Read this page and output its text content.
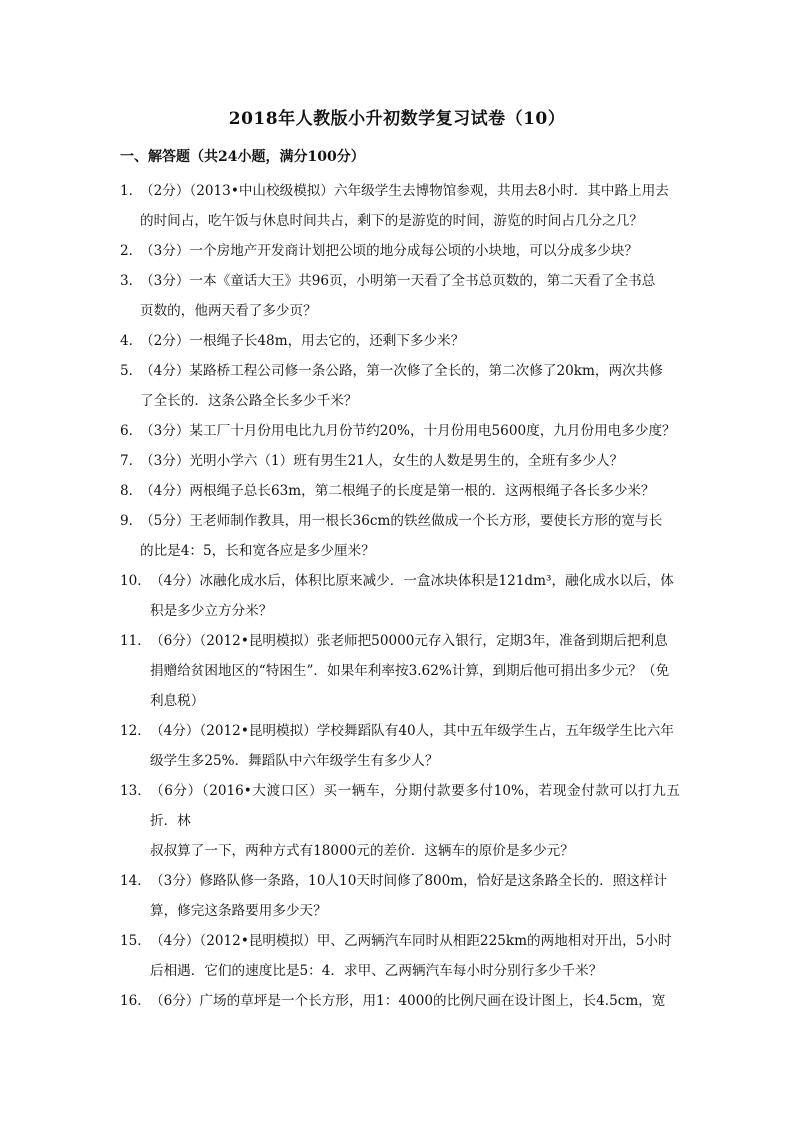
2018年人教版小升初数学复习试卷（10）
一、解答题（共24小题，满分100分）
1．
（2分）（2013•中山校级模拟）六年级学生去博物馆参观，共用去8小时．其中路上用去
的时间占，吃午饭与休息时间共占，剩下的是游览的时间，游览的时间占几分之几？
2．
（3分）一个房地产开发商计划把公顷的地分成每公顷的小块地，可以分成多少块？
3．
（3分）一本《童话大王》共96页，小明第一天看了全书总页数的，第二天看了全书总
页数的，他两天看了多少页？
4．
（2分）一根绳子长48m，用去它的，还剩下多少米？
5．
（4分）某路桥工程公司修一条公路，第一次修了全长的，第二次修了20km，两次共修
了全长的．这条公路全长多少千米？
6．
（3分）某工厂十月份用电比九月份节约20%，十月份用电5600度，九月份用电多少度？
7．
（3分）光明小学六（1）班有男生21人，女生的人数是男生的，全班有多少人？
8．
（4分）两根绳子总长63m，第二根绳子的长度是第一根的．这两根绳子各长多少米？
9．
（5分）王老师制作教具，用一根长36cm的铁丝做成一个长方形，要使长方形的宽与长
的比是4：5，长和宽各应是多少厘米？
10． （4分）冰融化成水后，体积比原来减少．一盒冰块体积是121dm³，融化成水以后，体
积是多少立方分米？
11． （6分）（2012•昆明模拟）张老师把50000元存入银行，定期3年，准备到期后把利息
捐赠给贫困地区的“特困生”．如果年利率按3.62%计算，到期后他可捐出多少元？（免
利息税）
12． （4分）（2012•昆明模拟）学校舞蹈队有40人，其中五年级学生占，五年级学生比六年
级学生多25%．舞蹈队中六年级学生有多少人？
13． （6分）（2016•大渡口区）买一辆车，分期付款要多付10%，若现金付款可以打九五折．林
叔叔算了一下，两种方式有18000元的差价．这辆车的原价是多少元？
14． （3分）修路队修一条路，10人10天时间修了800m，恰好是这条路全长的．照这样计
算，修完这条路要用多少天？
15． （4分）（2012•昆明模拟）甲、乙两辆汽车同时从相距225km的两地相对开出，5小时
后相遇．它们的速度比是5：4．求甲、乙两辆汽车每小时分别行多少千米？
16． （6分）广场的草坪是一个长方形，用1：4000的比例尺画在设计图上，长4.5cm，宽
